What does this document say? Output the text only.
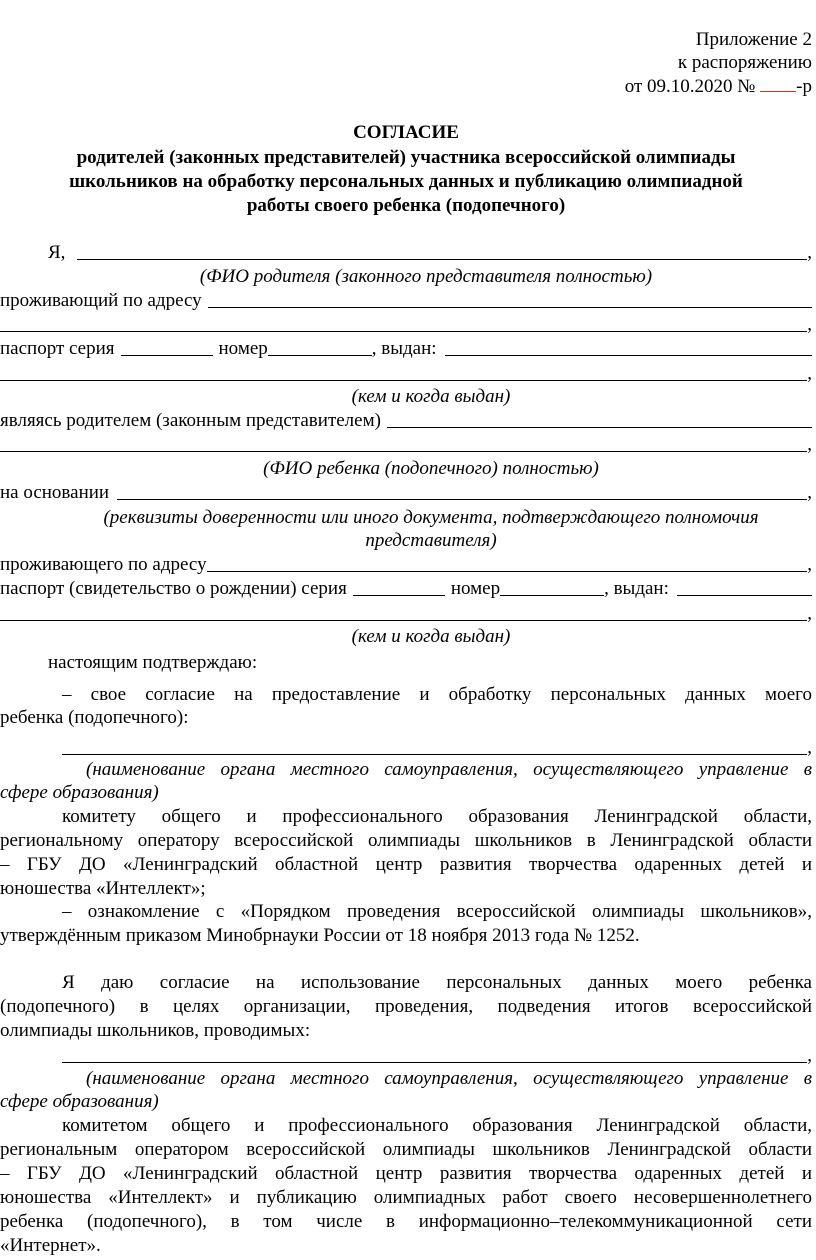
Приложение 2
к распоряжению
от 09.10.2020 № -р
СОГЛАСИЕ
родителей (законных представителей) участника всероссийской олимпиады
школьников на обработку персональных данных и публикацию олимпиадной
работы своего ребенка (подопечного)
Я,	,
(ФИО родителя (законного представителя полностью)
проживающий по адресу
,
паспорт серия	номер	, выдан:
,
(кем и когда выдан)
являясь родителем (законным представителем)
,
(ФИО ребенка (подопечного) полностью)
на основании	,
(реквизиты доверенности или иного документа, подтверждающего полномочия
представителя)
проживающего по адресу	,
паспорт (свидетельство о рождении) серия	номер	, выдан:
,
(кем и когда выдан)
настоящим подтверждаю:
– свое согласие на предоставление и обработку персональных данных моего
ребенка (подопечного):
,
(наименование органа местного самоуправления, осуществляющего управление в
сфере образования)
комитету общего и профессионального образования Ленинградской области,
региональному оператору всероссийской олимпиады школьников в Ленинградской области
– ГБУ ДО «Ленинградский областной центр развития творчества одаренных детей и
юношества «Интеллект»;
– ознакомление с «Порядком проведения всероссийской олимпиады школьников»,
утверждённым приказом Минобрнауки России от 18 ноября 2013 года № 1252.
Я даю согласие на использование персональных данных моего ребенка
(подопечного) в целях организации, проведения, подведения итогов всероссийской
олимпиады школьников, проводимых:
,
(наименование органа местного самоуправления, осуществляющего управление в
сфере образования)
комитетом общего и профессионального образования Ленинградской области,
региональным оператором всероссийской олимпиады школьников Ленинградской области
– ГБУ ДО «Ленинградский областной центр развития творчества одаренных детей и
юношества «Интеллект» и публикацию олимпиадных работ своего несовершеннолетнего
ребенка (подопечного), в том числе в информационно–телекоммуникационной сети
«Интернет».
